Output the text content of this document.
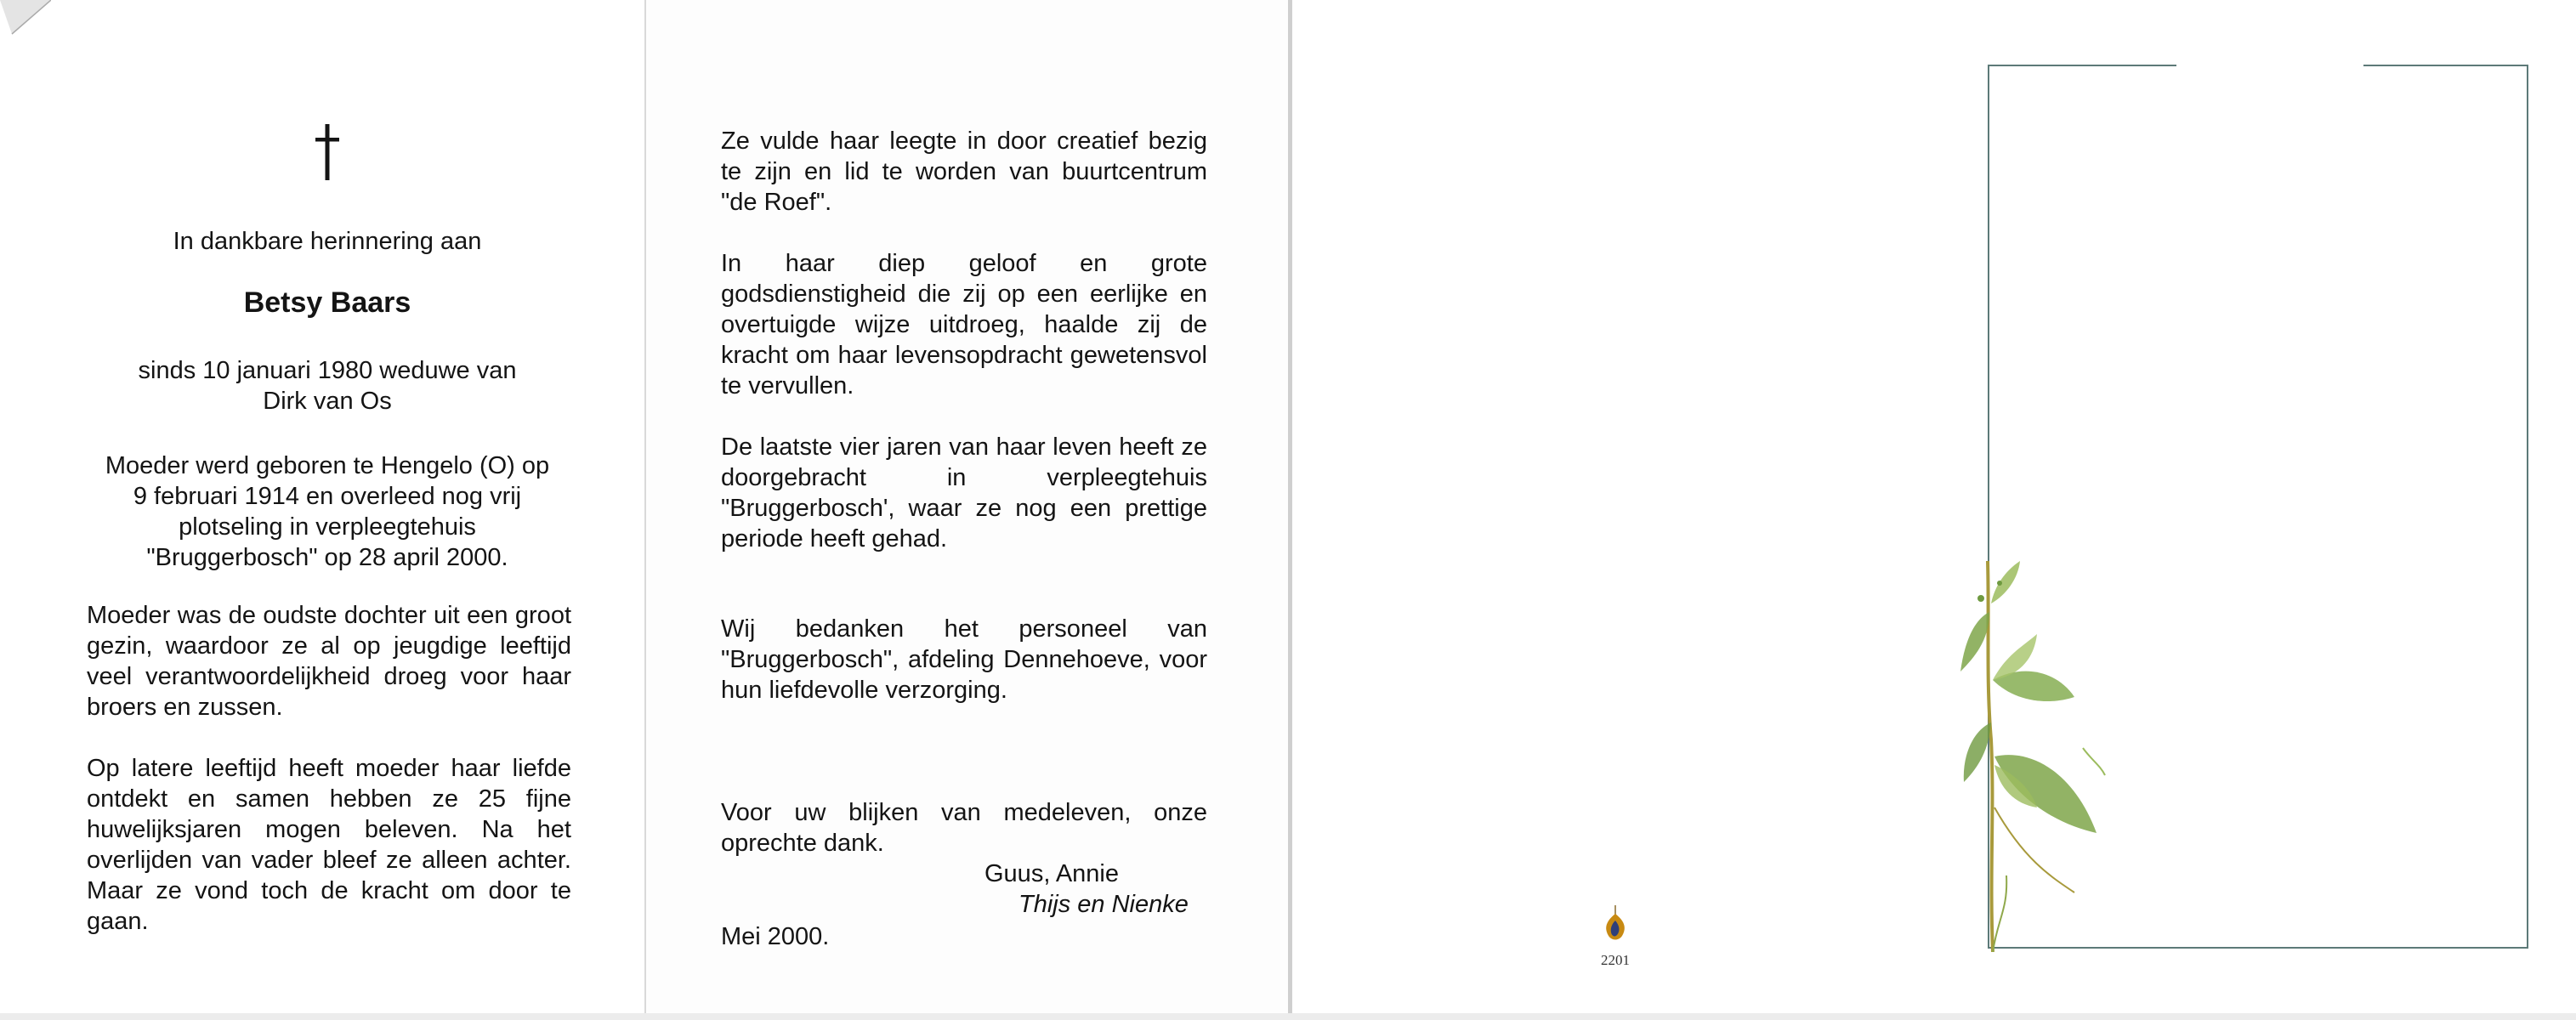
In dankbare herinnering aan
Betsy Baars
sinds 10 januari 1980 weduwe van
Dirk van Os
Moeder werd geboren te Hengelo (O) op
9 februari 1914 en overleed nog vrij
plotseling in verpleegtehuis
"Bruggerbosch" op 28 april 2000.

Moeder was de oudste dochter uit een groot gezin, waardoor ze al op jeugdige leeftijd veel verantwoordelijkheid droeg voor haar broers en zussen.

Op latere leeftijd heeft moeder haar liefde ontdekt en samen hebben ze 25 fijne huwelijksjaren mogen beleven. Na het overlijden van vader bleef ze alleen achter. Maar ze vond toch de kracht om door te gaan.

Ze vulde haar leegte in door creatief bezig te zijn en lid te worden van buurtcentrum "de Roef".

In haar diep geloof en grote godsdienstigheid die zij op een eerlijke en overtuigde wijze uitdroeg, haalde zij de kracht om haar levensopdracht gewetensvol te vervullen.

De laatste vier jaren van haar leven heeft ze doorgebracht in verpleegtehuis "Bruggerbosch', waar ze nog een prettige periode heeft gehad.

Wij bedanken het personeel van "Bruggerbosch", afdeling Dennehoeve, voor hun liefdevolle verzorging.

Voor uw blijken van medeleven, onze oprechte dank.

Guus, Annie
Thijs en Nienke
Mei 2000.
2201
